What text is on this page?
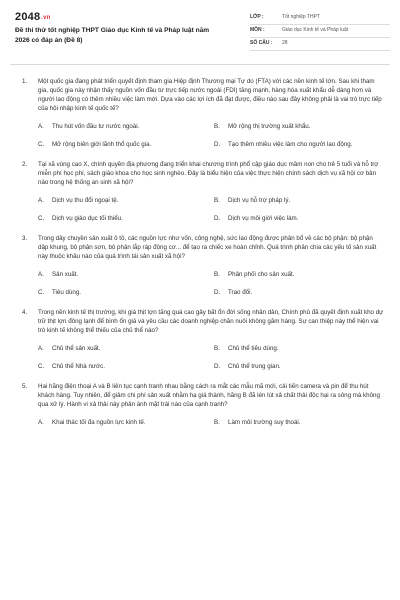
2048.vn
Đề thi thử tốt nghiệp THPT Giáo dục Kinh tế và Pháp luật năm 2026 có đáp án (Đề 8)
LỚP :	Tốt nghiệp THPT
MÔN :	Giáo dục Kinh tế và Pháp luật
SỐ CÂU :	28
1. Một quốc gia đang phát triển quyết định tham gia Hiệp định Thương mại Tự do (FTA) với các nền kinh tế lớn. Sau khi tham gia, quốc gia này nhận thấy nguồn vốn đầu tư trực tiếp nước ngoài (FDI) tăng mạnh, hàng hóa xuất khẩu dễ dàng hơn và người lao động có thêm nhiều việc làm mới. Dựa vào các lợi ích đã đạt được, điều nào sau đây không phải là vai trò trực tiếp của hội nhập kinh tế quốc tế?
A.	Thu hút vốn đầu tư nước ngoài.	B.	Mở rộng thị trường xuất khẩu.
C.	Mở rộng biên giới lãnh thổ quốc gia.	D.	Tạo thêm nhiều việc làm cho người lao động.
2. Tại xã vùng cao X, chính quyền địa phương đang triển khai chương trình phổ cập giáo dục mầm non cho trẻ 5 tuổi và hỗ trợ miễn phí học phí, sách giáo khoa cho học sinh nghèo. Đây là biểu hiện của việc thực hiện chính sách dịch vụ xã hội cơ bản nào trong hệ thống an sinh xã hội?
A.	Dịch vụ thu đổi ngoại tệ.	B.	Dịch vụ hỗ trợ pháp lý.
C.	Dịch vụ giáo dục tối thiểu.	D.	Dịch vụ môi giới việc làm.
3. Trong dây chuyền sản xuất ô tô, các nguồn lực như vốn, công nghệ, sức lao động được phân bổ về các bộ phận: bộ phận dập khung, bộ phận sơn, bộ phận lắp ráp động cơ... để tạo ra chiếc xe hoàn chỉnh. Quá trình phân chia các yếu tố sản xuất này thuộc khâu nào của quá trình tái sản xuất xã hội?
A.	Sản xuất.	B.	Phân phối cho sản xuất.
C.	Tiêu dùng.	D.	Trao đổi.
4. Trong nền kinh tế thị trường, khi giá thịt lợn tăng quá cao gây bất ổn đời sống nhân dân, Chính phủ đã quyết định xuất kho dự trữ thịt lợn đông lạnh để bình ổn giá và yêu cầu các doanh nghiệp chăn nuôi không găm hàng. Sự can thiệp này thể hiện vai trò kinh tế không thể thiếu của chủ thể nào?
A.	Chủ thể sản xuất.	B.	Chủ thể tiêu dùng.
C.	Chủ thể Nhà nước.	D.	Chủ thể trung gian.
5. Hai hãng điện thoại A và B liên tục cạnh tranh nhau bằng cách ra mắt các mẫu mã mới, cải tiến camera và pin để thu hút khách hàng. Tuy nhiên, để giảm chi phí sản xuất nhằm hạ giá thành, hãng B đã lén lút xả chất thải độc hại ra sông mà không qua xử lý. Hành vi xả thải này phản ánh mặt trái nào của cạnh tranh?
A.	Khai thác tối đa nguồn lực kinh tế.	B.	Làm môi trường suy thoái.
